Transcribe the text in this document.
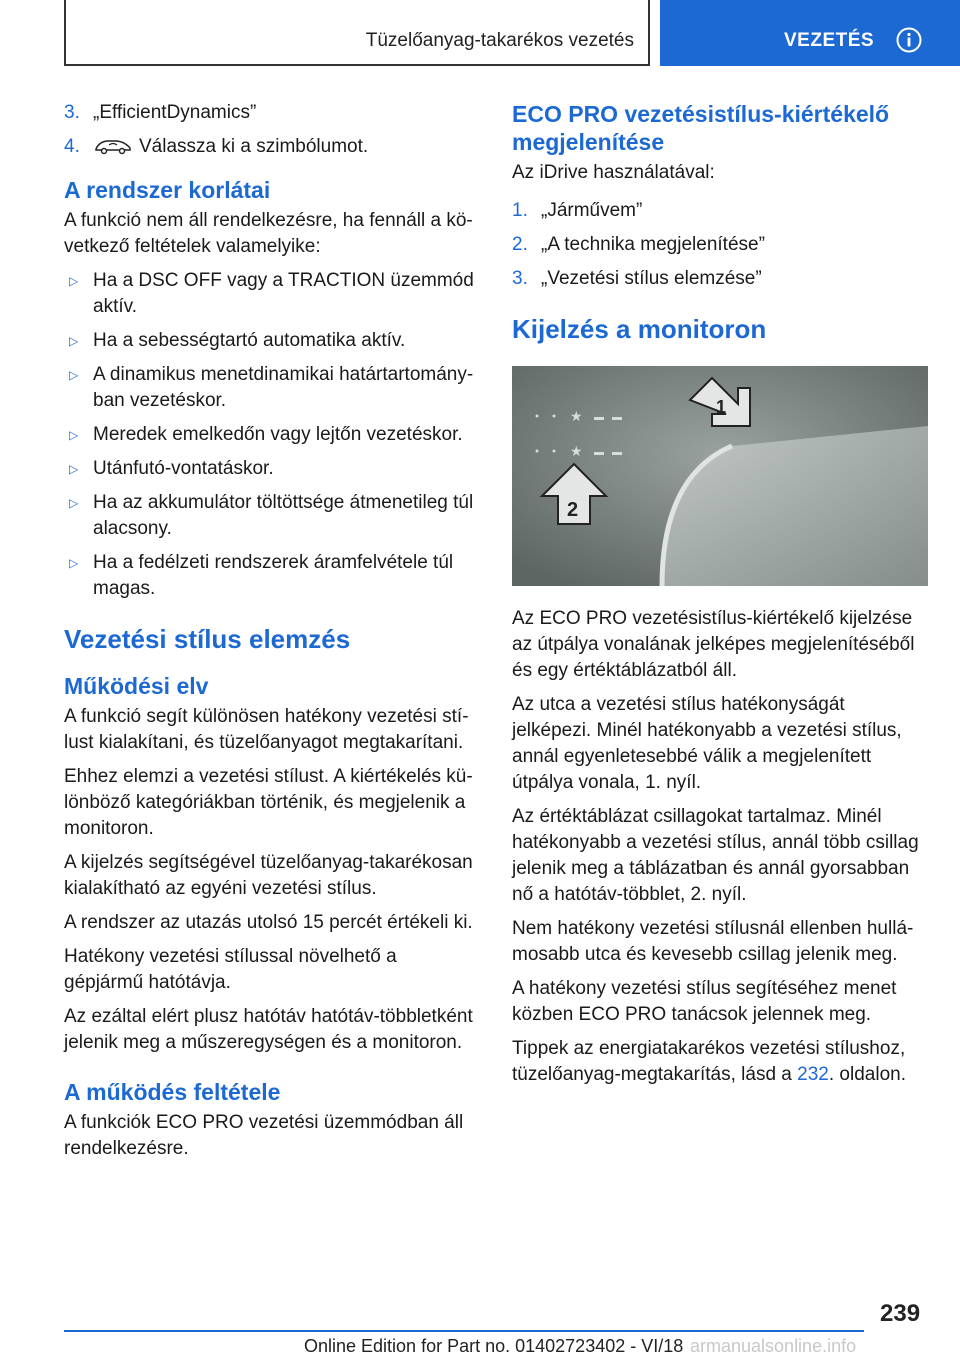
Tüzelőanyag-takarékos vezetés	VEZETÉS
3. „EfficientDynamics”
4.	Válassza ki a szimbólumot.
A rendszer korlátai

A funkció nem áll rendelkezésre, ha fennáll a következő feltételek valamelyike:

▷ Ha a DSC OFF vagy a TRACTION üzemmód aktív.
▷ Ha a sebességtartó automatika aktív.
▷ A dinamikus menetdinamikai határtartományban vezetéskor.
▷ Meredek emelkedőn vagy lejtőn vezetéskor.
▷ Utánfutó-vontatáskor.
▷ Ha az akkumulátor töltöttsége átmenetileg túl alacsony.
▷ Ha a fedélzeti rendszerek áramfelvétele túl magas.
Vezetési stílus elemzés
Működési elv

A funkció segít különösen hatékony vezetési stílust kialakítani, és tüzelőanyagot megtakarítani.

Ehhez elemzi a vezetési stílust. A kiértékelés különböző kategóriákban történik, és megjelenik a monitoron.

A kijelzés segítségével tüzelőanyag-takarékosan kialakítható az egyéni vezetési stílus.

A rendszer az utazás utolsó 15 percét értékeli ki.

Hatékony vezetési stílussal növelhető a gépjármű hatótávja.

Az ezáltal elért plusz hatótáv hatótáv-többletként jelenik meg a műszeregységen és a monitoron.

A működés feltétele

A funkciók ECO PRO vezetési üzemmódban áll rendelkezésre.

ECO PRO vezetésistílus-kiértékelő megjelenítése

Az iDrive használatával:

1. „Járművem”
2. „A technika megjelenítése”
3. „Vezetési stílus elemzése”
Kijelzés a monitoron
★
★
1
2

Az ECO PRO vezetésistílus-kiértékelő kijelzése az útpálya vonalának jelképes megjelenítéséből és egy értéktáblázatból áll.

Az utca a vezetési stílus hatékonyságát jelképezi. Minél hatékonyabb a vezetési stílus, annál egyenletesebbé válik a megjelenített útpálya vonala, 1. nyíl.

Az értéktáblázat csillagokat tartalmaz. Minél hatékonyabb a vezetési stílus, annál több csillag jelenik meg a táblázatban és annál gyorsabban nő a hatótáv-többlet, 2. nyíl.

Nem hatékony vezetési stílusnál ellenben hullámosabb utca és kevesebb csillag jelenik meg.

A hatékony vezetési stílus segítéséhez menet közben ECO PRO tanácsok jelennek meg.

Tippek az energiatakarékos vezetési stílushoz, tüzelőanyag-megtakarítás, lásd a 232. oldalon.

239
Online Edition for Part no. 01402723402 - VI/18 armanualsonline.info
